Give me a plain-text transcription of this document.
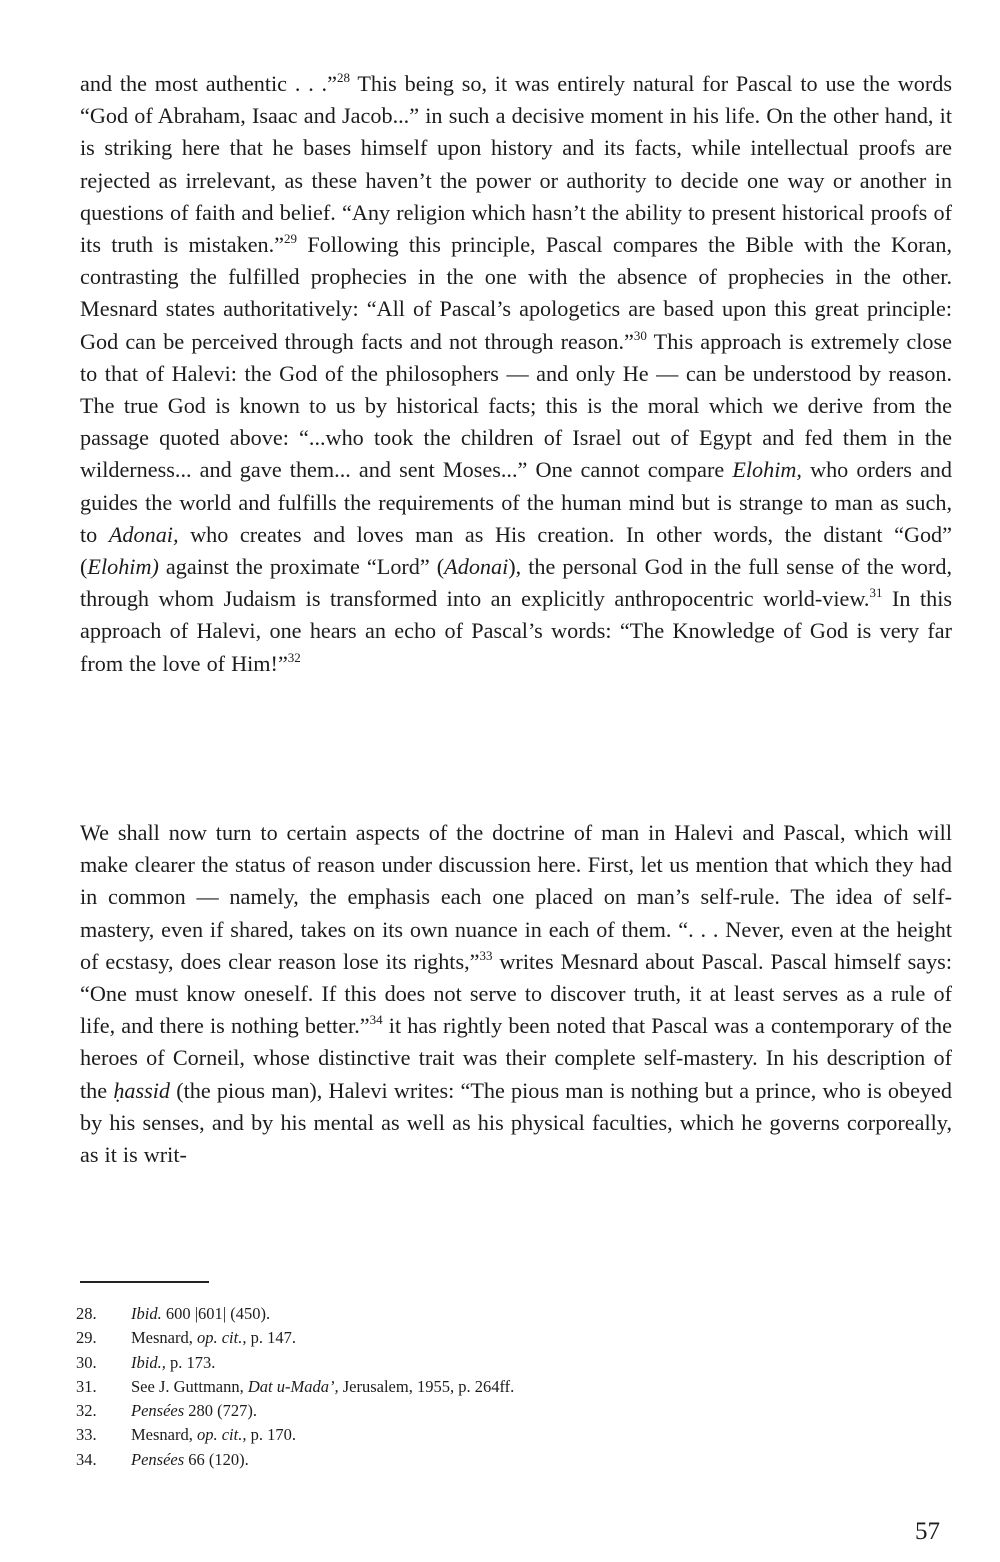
and the most authentic . . .”$^{28}$ This being so, it was entirely natural for Pascal to use the words “God of Abraham, Isaac and Jacob...” in such a decisive moment in his life. On the other hand, it is striking here that he bases himself upon history and its facts, while intellectual proofs are rejected as irrelevant, as these haven’t the power or authority to decide one way or another in questions of faith and belief. “Any religion which hasn’t the ability to present historical proofs of its truth is mistaken.”$^{29}$ Following this principle, Pascal compares the Bible with the Koran, contrasting the fulfilled prophecies in the one with the absence of prophecies in the other. Mesnard states authoritatively: “All of Pascal’s apologetics are based upon this great principle: God can be perceived through facts and not through reason.”$^{30}$ This approach is extremely close to that of Halevi: the God of the philosophers — and only He — can be understood by reason. The true God is known to us by historical facts; this is the moral which we derive from the passage quoted above: “...who took the children of Israel out of Egypt and fed them in the wilderness... and gave them... and sent Moses...” One cannot compare Elohim, who orders and guides the world and fulfills the requirements of the human mind but is strange to man as such, to Adonai, who creates and loves man as His creation. In other words, the distant “God” (Elohim) against the proximate “Lord” (Adonai), the personal God in the full sense of the word, through whom Judaism is transformed into an explicitly anthropocentric world-view.$^{31}$ In this approach of Halevi, one hears an echo of Pascal’s words: “The Knowledge of God is very far from the love of Him!”$^{32}$

We shall now turn to certain aspects of the doctrine of man in Halevi and Pascal, which will make clearer the status of reason under discussion here. First, let us mention that which they had in common — namely, the emphasis each one placed on man’s self-rule. The idea of self-mastery, even if shared, takes on its own nuance in each of them. “. . . Never, even at the height of ecstasy, does clear reason lose its rights,”$^{33}$ writes Mesnard about Pascal. Pascal himself says: “One must know oneself. If this does not serve to discover truth, it at least serves as a rule of life, and there is nothing better.”$^{34}$ it has rightly been noted that Pascal was a contemporary of the heroes of Corneil, whose distinctive trait was their complete self-mastery. In his description of the ḥassid (the pious man), Halevi writes: “The pious man is nothing but a prince, who is obeyed by his senses, and by his mental as well as his physical faculties, which he governs corporeally, as it is writ-

28.	Ibid. 600 |601| (450).
29.	Mesnard, op. cit., p. 147.
30.	Ibid., p. 173.
31.	See J. Guttmann, Dat u-Mada’, Jerusalem, 1955, p. 264ff.
32.	Pensées 280 (727).
33.	Mesnard, op. cit., p. 170.
34.	Pensées 66 (120).
57
